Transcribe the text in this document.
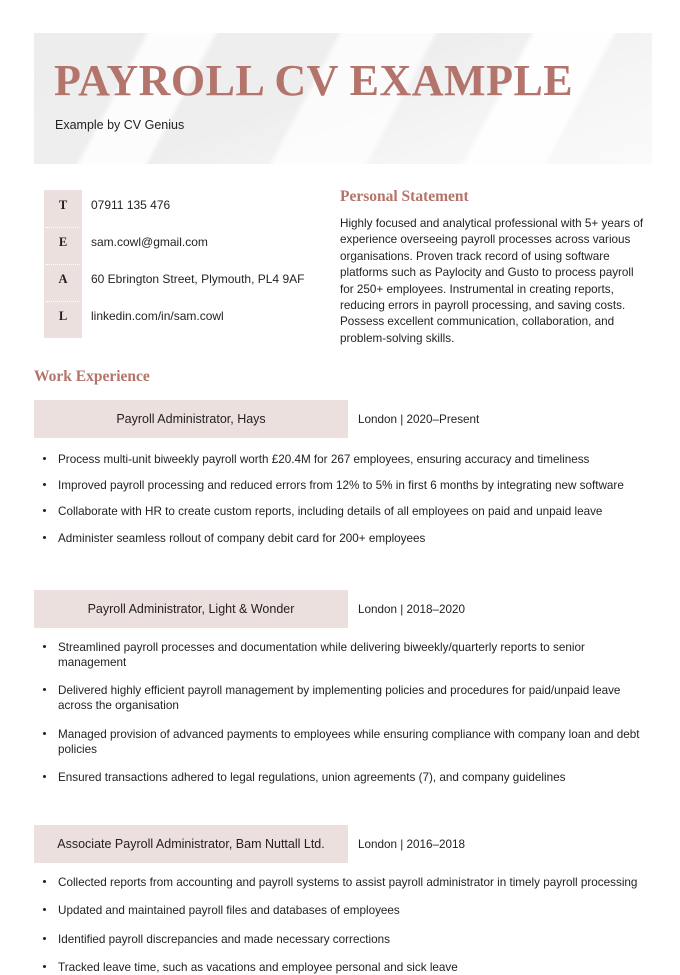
PAYROLL CV EXAMPLE
Example by CV Genius
T	07911 135 476
E	sam.cowl@gmail.com
A	60 Ebrington Street, Plymouth, PL4 9AF
L	linkedin.com/in/sam.cowl
Personal Statement
Highly focused and analytical professional with 5+ years of experience overseeing payroll processes across various organisations. Proven track record of using software platforms such as Paylocity and Gusto to process payroll for 250+ employees. Instrumental in creating reports, reducing errors in payroll processing, and saving costs. Possess excellent communication, collaboration, and problem-solving skills.
Work Experience
Payroll Administrator, Hays	London | 2020–Present
Process multi-unit biweekly payroll worth £20.4M for 267 employees, ensuring accuracy and timeliness
Improved payroll processing and reduced errors from 12% to 5% in first 6 months by integrating new software
Collaborate with HR to create custom reports, including details of all employees on paid and unpaid leave
Administer seamless rollout of company debit card for 200+ employees
Payroll Administrator, Light & Wonder	London | 2018–2020
Streamlined payroll processes and documentation while delivering biweekly/quarterly reports to senior management
Delivered highly efficient payroll management by implementing policies and procedures for paid/unpaid leave across the organisation
Managed provision of advanced payments to employees while ensuring compliance with company loan and debt policies
Ensured transactions adhered to legal regulations, union agreements (7), and company guidelines
Associate Payroll Administrator, Bam Nuttall Ltd.	London | 2016–2018
Collected reports from accounting and payroll systems to assist payroll administrator in timely payroll processing
Updated and maintained payroll files and databases of employees
Identified payroll discrepancies and made necessary corrections
Tracked leave time, such as vacations and employee personal and sick leave
